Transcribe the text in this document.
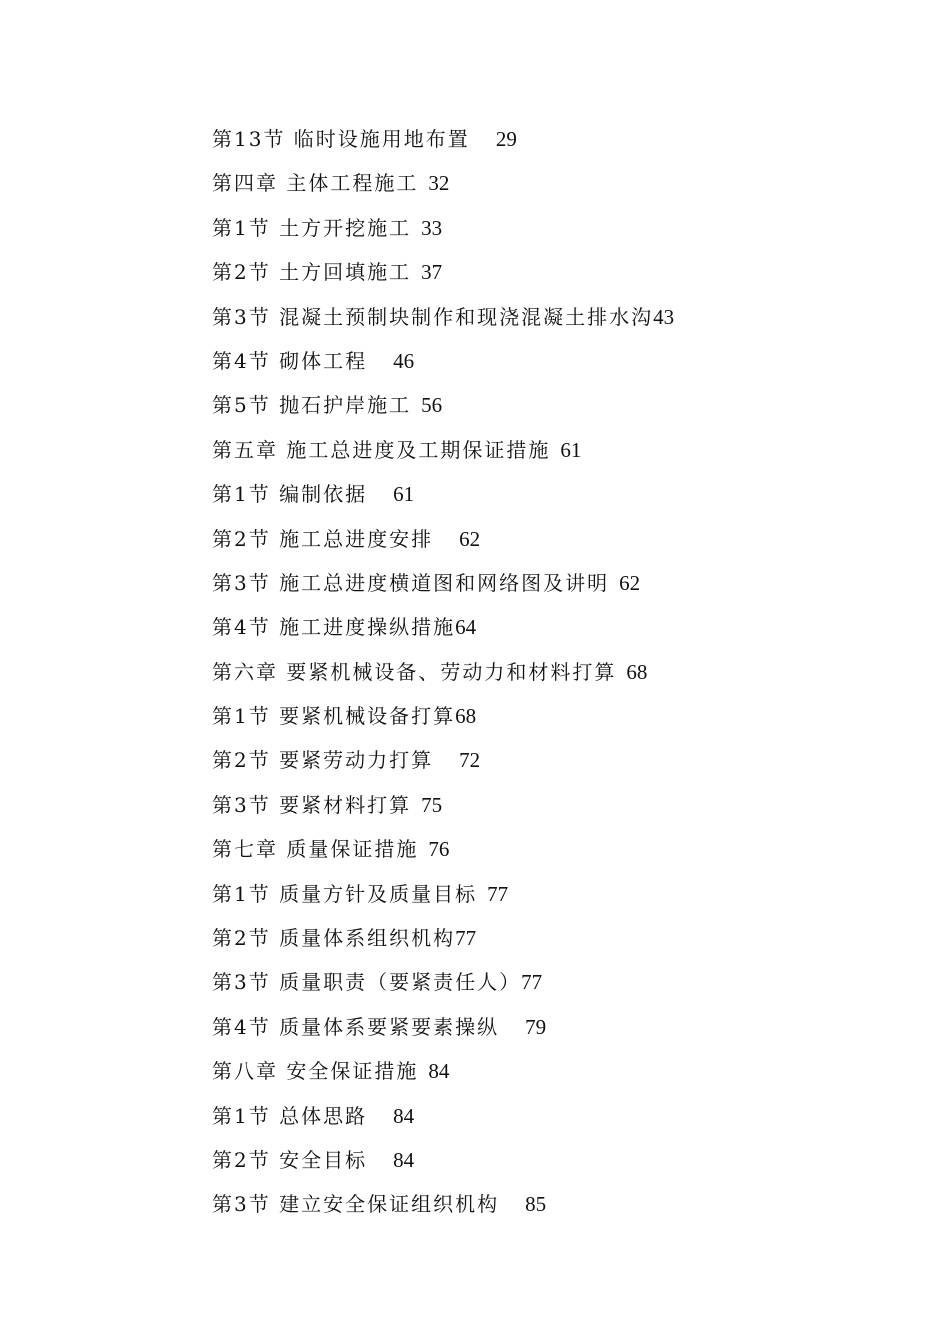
第13节 临时设施用地布置 29
第四章 主体工程施工 32
第1节 土方开挖施工 33
第2节 土方回填施工 37
第3节 混凝土预制块制作和现浇混凝土排水沟43
第4节 砌体工程 46
第5节 抛石护岸施工 56
第五章 施工总进度及工期保证措施 61
第1节 编制依据 61
第2节 施工总进度安排 62
第3节 施工总进度横道图和网络图及讲明 62
第4节 施工进度操纵措施64
第六章 要紧机械设备、劳动力和材料打算 68
第1节 要紧机械设备打算68
第2节 要紧劳动力打算 72
第3节 要紧材料打算 75
第七章 质量保证措施 76
第1节 质量方针及质量目标 77
第2节 质量体系组织机构77
第3节 质量职责（要紧责任人）77
第4节 质量体系要紧要素操纵 79
第八章 安全保证措施 84
第1节 总体思路 84
第2节 安全目标 84
第3节 建立安全保证组织机构 85
